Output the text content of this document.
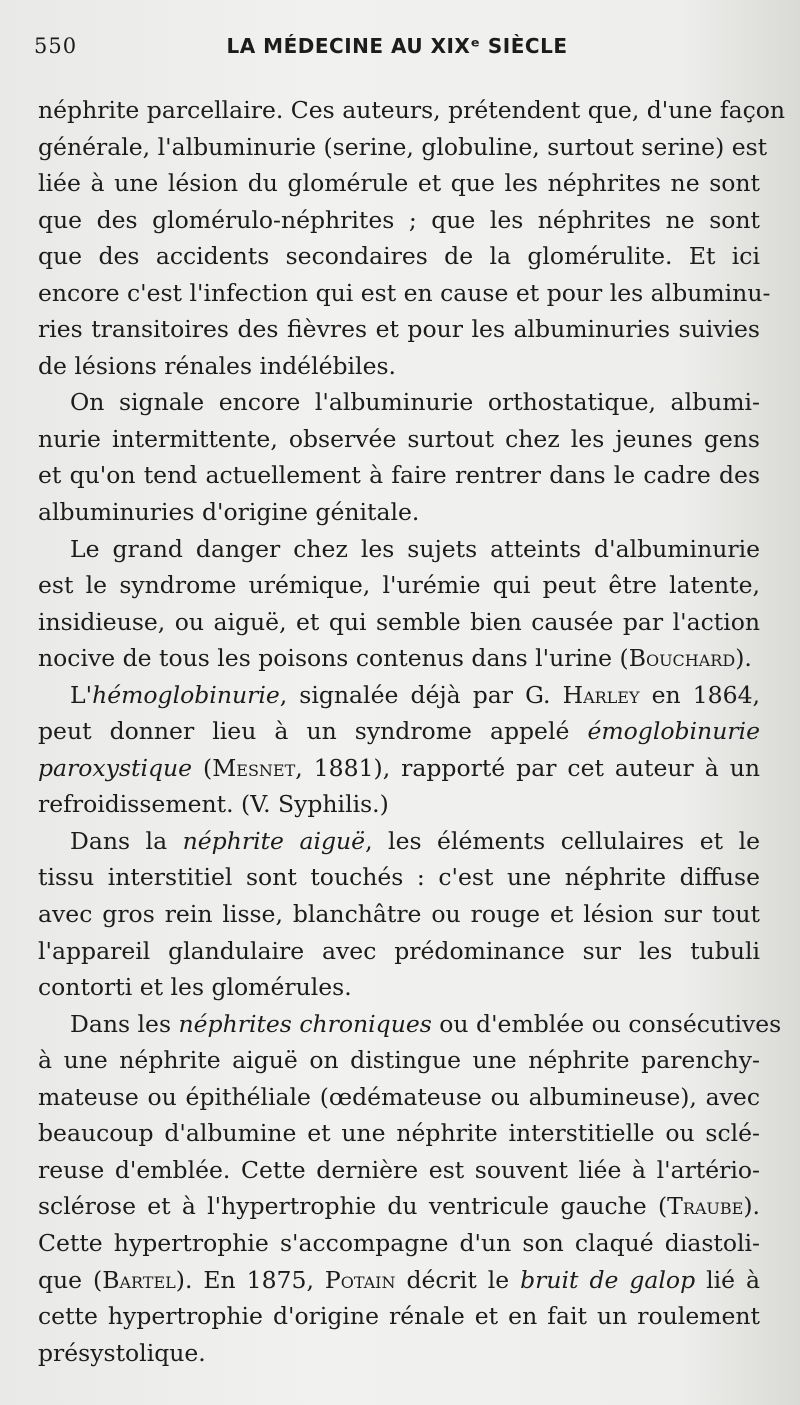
550	LA MÉDECINE AU XIXᵉ SIÈCLE
néphrite parcellaire. Ces auteurs, prétendent que, d'une façon
générale, l'albuminurie (serine, globuline, surtout serine) est
liée à une lésion du glomérule et que les néphrites ne sont
que des glomérulo-néphrites ; que les néphrites ne sont
que des accidents secondaires de la glomérulite. Et ici
encore c'est l'infection qui est en cause et pour les albuminu-
ries transitoires des fièvres et pour les albuminuries suivies
de lésions rénales indélébiles.
On signale encore l'albuminurie orthostatique, albumi-
nurie intermittente, observée surtout chez les jeunes gens
et qu'on tend actuellement à faire rentrer dans le cadre des
albuminuries d'origine génitale.
Le grand danger chez les sujets atteints d'albuminurie
est le syndrome urémique, l'urémie qui peut être latente,
insidieuse, ou aiguë, et qui semble bien causée par l'action
nocive de tous les poisons contenus dans l'urine (Bouchard).
L'hémoglobinurie, signalée déjà par G. Harley en 1864,
peut donner lieu à un syndrome appelé émoglobinurie
paroxystique (Mesnet, 1881), rapporté par cet auteur à un
refroidissement. (V. Syphilis.)
Dans la néphrite aiguë, les éléments cellulaires et le
tissu interstitiel sont touchés : c'est une néphrite diffuse
avec gros rein lisse, blanchâtre ou rouge et lésion sur tout
l'appareil glandulaire avec prédominance sur les tubuli
contorti et les glomérules.
Dans les néphrites chroniques ou d'emblée ou consécutives
à une néphrite aiguë on distingue une néphrite parenchy-
mateuse ou épithéliale (œdémateuse ou albumineuse), avec
beaucoup d'albumine et une néphrite interstitielle ou sclé-
reuse d'emblée. Cette dernière est souvent liée à l'artério-
sclérose et à l'hypertrophie du ventricule gauche (Traube).
Cette hypertrophie s'accompagne d'un son claqué diastoli-
que (Bartel). En 1875, Potain décrit le bruit de galop lié à
cette hypertrophie d'origine rénale et en fait un roulement
présystolique.
